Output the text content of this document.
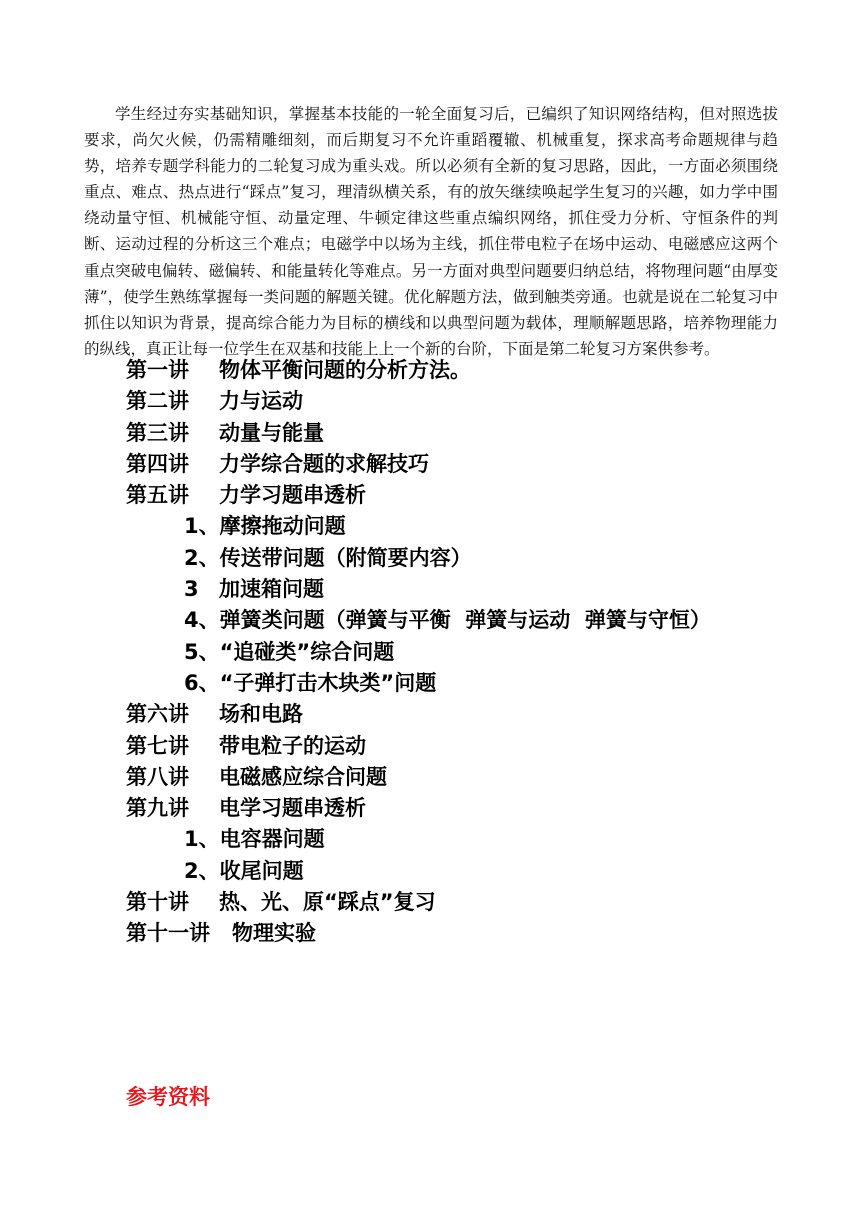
学生经过夯实基础知识，掌握基本技能的一轮全面复习后，已编织了知识网络结构，但对照选拔要求，尚欠火候，仍需精雕细刻，而后期复习不允许重蹈覆辙、机械重复，探求高考命题规律与趋势，培养专题学科能力的二轮复习成为重头戏。所以必须有全新的复习思路，因此，一方面必须围绕重点、难点、热点进行“踩点”复习，理清纵横关系，有的放矢继续唤起学生复习的兴趣，如力学中围绕动量守恒、机械能守恒、动量定理、牛顿定律这些重点编织网络，抓住受力分析、守恒条件的判断、运动过程的分析这三个难点；电磁学中以场为主线，抓住带电粒子在场中运动、电磁感应这两个重点突破电偏转、磁偏转、和能量转化等难点。另一方面对典型问题要归纳总结，将物理问题“由厚变薄”，使学生熟练掌握每一类问题的解题关键。优化解题方法，做到触类旁通。也就是说在二轮复习中抓住以知识为背景，提高综合能力为目标的横线和以典型问题为载体，理顺解题思路，培养物理能力的纵线，真正让每一位学生在双基和技能上上一个新的台阶，下面是第二轮复习方案供参考。

第一讲 物体平衡问题的分析方法。
第二讲 力与运动
第三讲 动量与能量
第四讲 力学综合题的求解技巧
第五讲 力学习题串透析
1、摩擦拖动问题
2、传送带问题（附简要内容）
3 加速箱问题
4、弹簧类问题（弹簧与平衡  弹簧与运动  弹簧与守恒）
5、“追碰类”综合问题
6、“子弹打击木块类”问题
第六讲 场和电路
第七讲 带电粒子的运动
第八讲 电磁感应综合问题
第九讲 电学习题串透析
1、电容器问题
2、收尾问题
第十讲 热、光、原“踩点”复习
第十一讲 物理实验

参考资料
